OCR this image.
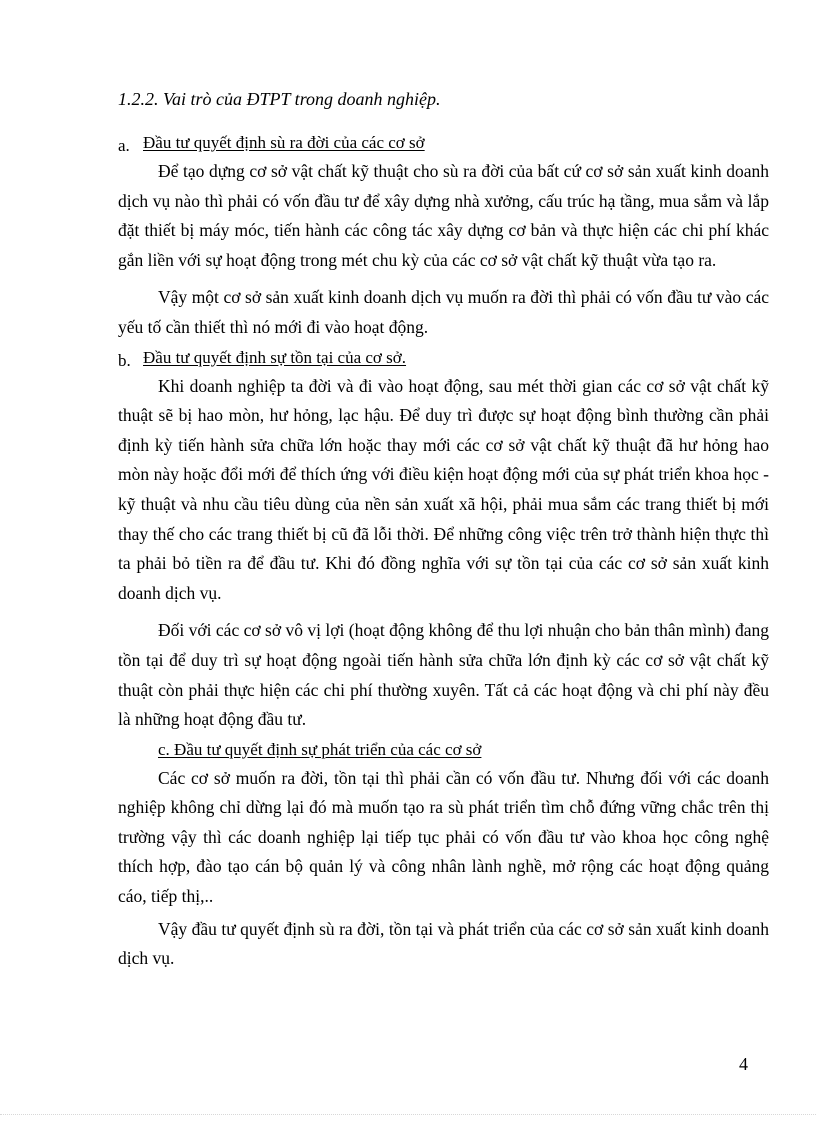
1.2.2. Vai trò của ĐTPT trong doanh nghiệp.

a. Đầu tư quyết định sù ra đời của các cơ sở

Để tạo dựng cơ sở vật chất kỹ thuật cho sù ra đời của bất cứ cơ sở sản xuất kinh doanh dịch vụ nào thì phải có vốn đầu tư để xây dựng nhà xưởng, cấu trúc hạ tầng, mua sắm và lắp đặt thiết bị máy móc, tiến hành các công tác xây dựng cơ bản và thực hiện các chi phí khác gắn liền với sự hoạt động trong mét chu kỳ của các cơ sở vật chất kỹ thuật vừa tạo ra.

Vậy một cơ sở sản xuất kinh doanh dịch vụ muốn ra đời thì phải có vốn đầu tư vào các yếu tố cần thiết thì nó mới đi vào hoạt động.

b. Đầu tư quyết định sự tồn tại của cơ sở.

Khi doanh nghiệp ta đời và đi vào hoạt động, sau mét thời gian các cơ sở vật chất kỹ thuật sẽ bị hao mòn, hư hỏng, lạc hậu. Để duy trì được sự hoạt động bình thường cần phải định kỳ tiến hành sửa chữa lớn hoặc thay mới các cơ sở vật chất kỹ thuật đã hư hỏng hao mòn này hoặc đổi mới để thích ứng với điều kiện hoạt động mới của sự phát triển khoa học - kỹ thuật và nhu cầu tiêu dùng của nền sản xuất xã hội, phải mua sắm các trang thiết bị mới thay thế cho các trang thiết bị cũ đã lỗi thời. Để những công việc trên trở thành hiện thực thì ta phải bỏ tiền ra để đầu tư. Khi đó đồng nghĩa với sự tồn tại của các cơ sở sản xuất kinh doanh dịch vụ.

Đối với các cơ sở vô vị lợi (hoạt động không để thu lợi nhuận cho bản thân mình) đang tồn tại để duy trì sự hoạt động ngoài tiến hành sửa chữa lớn định kỳ các cơ sở vật chất kỹ thuật còn phải thực hiện các chi phí thường xuyên. Tất cả các hoạt động và chi phí này đều là những hoạt động đầu tư.

c. Đầu tư quyết định sự phát triển của các cơ sở

Các cơ sở muốn ra đời, tồn tại thì phải cần có vốn đầu tư. Nhưng đối với các doanh nghiệp không chỉ dừng lại đó mà muốn tạo ra sù phát triển tìm chỗ đứng vững chắc trên thị trường vậy thì các doanh nghiệp lại tiếp tục phải có vốn đầu tư vào khoa học công nghệ thích hợp, đào tạo cán bộ quản lý và công nhân lành nghề, mở rộng các hoạt động quảng cáo, tiếp thị,..

Vậy đầu tư quyết định sù ra đời, tồn tại và phát triển của các cơ sở sản xuất kinh doanh dịch vụ.

4
